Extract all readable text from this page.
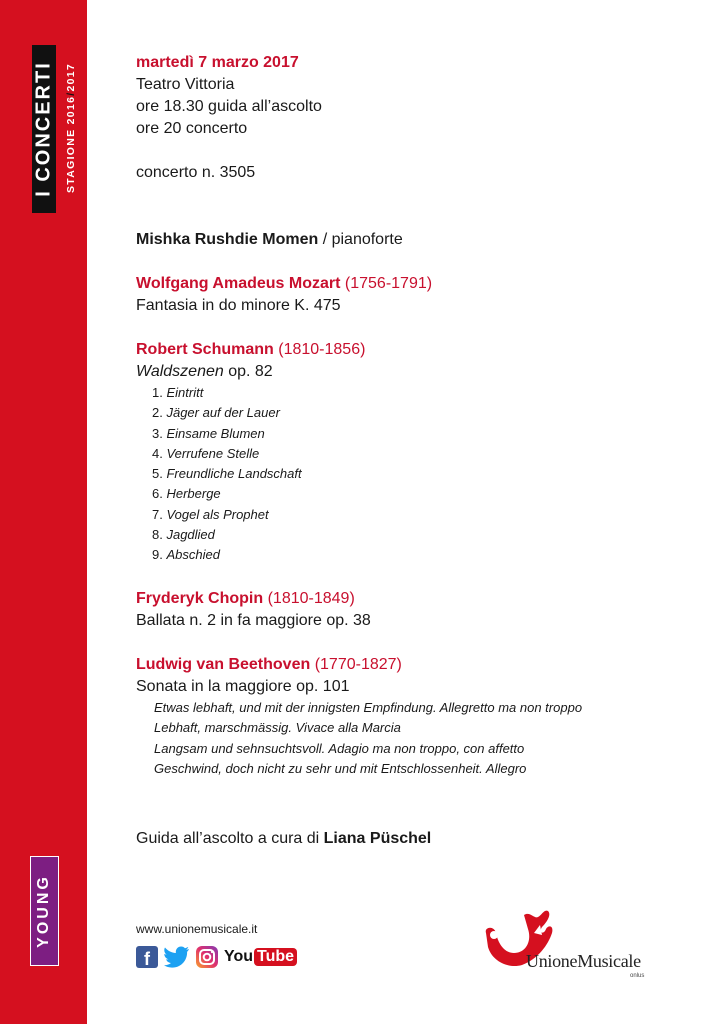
I CONCERTI STAGIONE 2016/2017
YOUNG
martedì 7 marzo 2017
Teatro Vittoria
ore 18.30 guida all’ascolto
ore 20 concerto
concerto n. 3505
Mishka Rushdie Momen / pianoforte
Wolfgang Amadeus Mozart (1756-1791)
Fantasia in do minore K. 475
Robert Schumann (1810-1856)
Waldszenen op. 82
1. Eintritt
2. Jäger auf der Lauer
3. Einsame Blumen
4. Verrufene Stelle
5. Freundliche Landschaft
6. Herberge
7. Vogel als Prophet
8. Jagdlied
9. Abschied
Fryderyk Chopin (1810-1849)
Ballata n. 2 in fa maggiore op. 38
Ludwig van Beethoven (1770-1827)
Sonata in la maggiore op. 101
Etwas lebhaft, und mit der innigsten Empfindung. Allegretto ma non troppo
Lebhaft, marschmässig. Vivace alla Marcia
Langsam und sehnsuchtsvoll. Adagio ma non troppo, con affetto
Geschwind, doch nicht zu sehr und mit Entschlossenheit. Allegro
Guida all’ascolto a cura di Liana Püschel
www.unionemusicale.it
f	You Tube	UnioneMusicale
onlus
